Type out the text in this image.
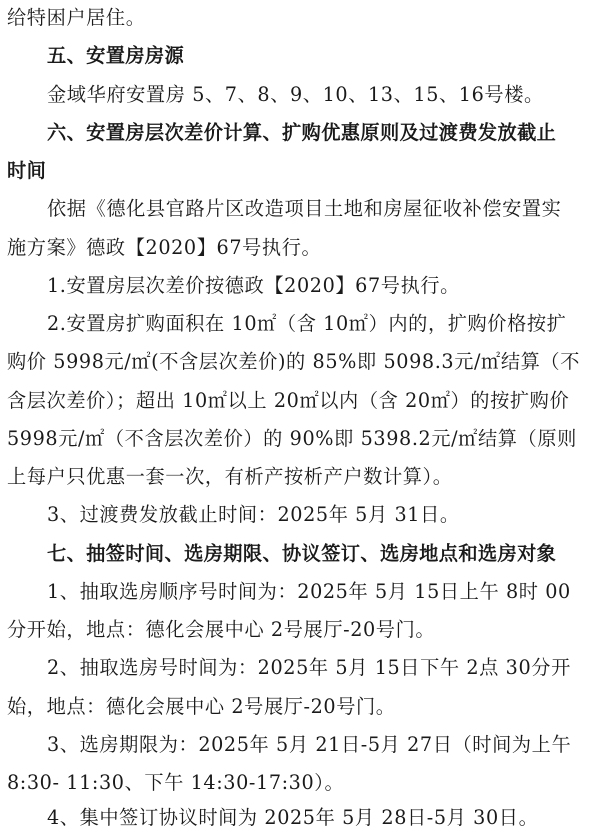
给特困户居住。
五、安置房房源
金域华府安置房 5、7、8、9、10、13、15、16号楼。
六、安置房层次差价计算、扩购优惠原则及过渡费发放截止
时间
依据《德化县官路片区改造项目土地和房屋征收补偿安置实
施方案》德政【2020】67号执行。
1.安置房层次差价按德政【2020】67号执行。
2.安置房扩购面积在 10㎡（含 10㎡）内的，扩购价格按扩
购价 5998元/㎡(不含层次差价)的 85%即 5098.3元/㎡结算（不
含层次差价）；超出 10㎡以上 20㎡以内（含 20㎡）的按扩购价
5998元/㎡（不含层次差价）的 90%即 5398.2元/㎡结算（原则
上每户只优惠一套一次，有析产按析产户数计算）。
3、过渡费发放截止时间：2025年 5月 31日。
七、抽签时间、选房期限、协议签订、选房地点和选房对象
1、抽取选房顺序号时间为：2025年 5月 15日上午 8时 00
分开始，地点：德化会展中心 2号展厅-20号门。
2、抽取选房号时间为：2025年 5月 15日下午 2点 30分开
始，地点：德化会展中心 2号展厅-20号门。
3、选房期限为：2025年 5月 21日-5月 27日（时间为上午
8:30- 11:30、下午 14:30-17:30）。
4、集中签订协议时间为 2025年 5月 28日-5月 30日。
